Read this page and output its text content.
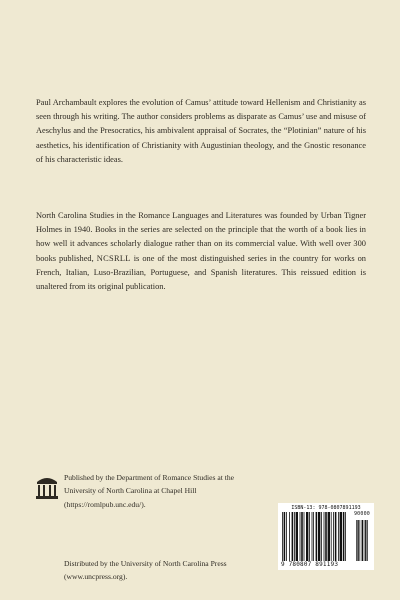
Paul Archambault explores the evolution of Camus’ attitude toward Hellenism and Christianity as seen through his writing. The author considers problems as disparate as Camus’ use and misuse of Aeschylus and the Presocratics, his ambivalent appraisal of Socrates, the “Plotinian” nature of his aesthetics, his identification of Christianity with Augustinian theology, and the Gnostic resonance of his characteristic ideas.

North Carolina Studies in the Romance Languages and Literatures was founded by Urban Tigner Holmes in 1940. Books in the series are selected on the principle that the worth of a book lies in how well it advances scholarly dialogue rather than on its commercial value. With well over 300 books published, NCSRLL is one of the most distinguished series in the country for works on French, Italian, Luso-Brazilian, Portuguese, and Spanish literatures. This reissued edition is unaltered from its original publication.

Published by the Department of Romance Studies at the
University of North Carolina at Chapel Hill
(https://romlpub.unc.edu/).

Distributed by the University of North Carolina Press
(www.uncpress.org).

ISBN-13: 978-0807891193
9 780807 891193
90000
